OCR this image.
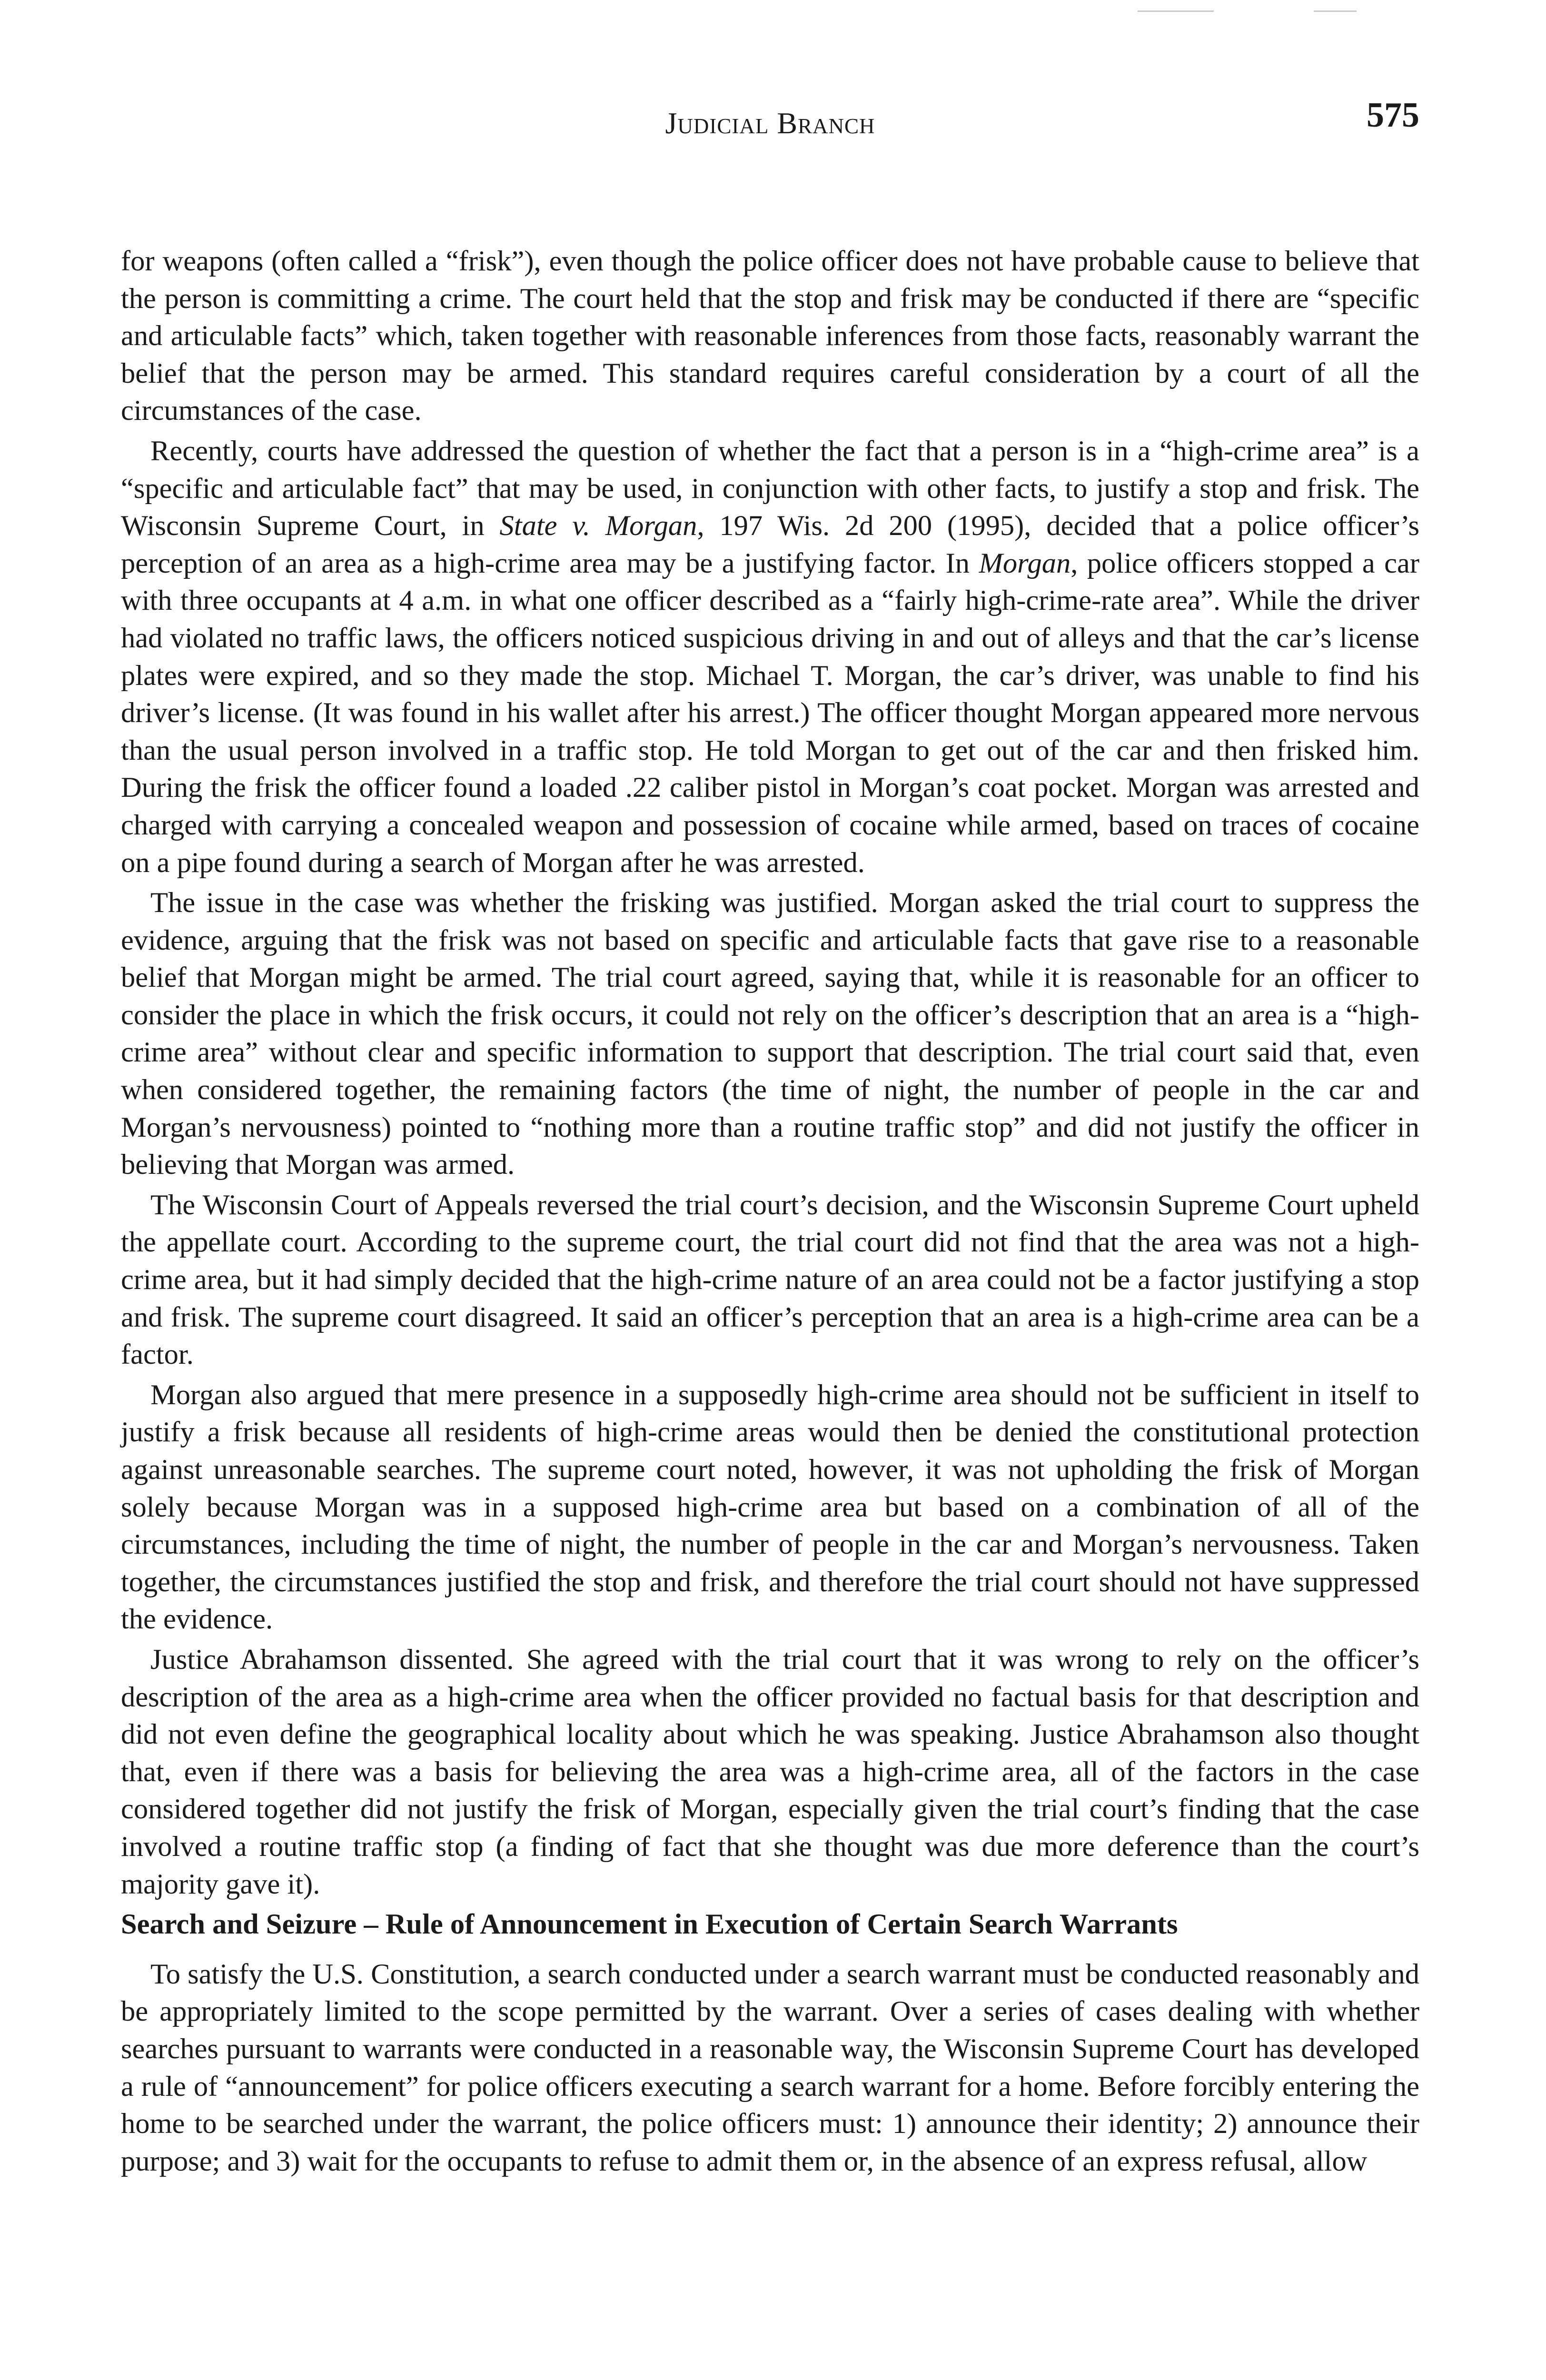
Judicial Branch	575

for weapons (often called a “frisk”), even though the police officer does not have probable cause to believe that the person is committing a crime. The court held that the stop and frisk may be conducted if there are “specific and articulable facts” which, taken together with reasonable inferences from those facts, reasonably warrant the belief that the person may be armed. This standard requires careful consideration by a court of all the circumstances of the case.

Recently, courts have addressed the question of whether the fact that a person is in a “high-crime area” is a “specific and articulable fact” that may be used, in conjunction with other facts, to justify a stop and frisk. The Wisconsin Supreme Court, in State v. Morgan, 197 Wis. 2d 200 (1995), decided that a police officer’s perception of an area as a high-crime area may be a justifying factor. In Morgan, police officers stopped a car with three occupants at 4 a.m. in what one officer described as a “fairly high-crime-rate area”. While the driver had violated no traffic laws, the officers noticed suspicious driving in and out of alleys and that the car’s license plates were expired, and so they made the stop. Michael T. Morgan, the car’s driver, was unable to find his driver’s license. (It was found in his wallet after his arrest.) The officer thought Morgan appeared more nervous than the usual person involved in a traffic stop. He told Morgan to get out of the car and then frisked him. During the frisk the officer found a loaded .22 caliber pistol in Morgan’s coat pocket. Morgan was arrested and charged with carrying a concealed weapon and possession of cocaine while armed, based on traces of cocaine on a pipe found during a search of Morgan after he was arrested.

The issue in the case was whether the frisking was justified. Morgan asked the trial court to suppress the evidence, arguing that the frisk was not based on specific and articulable facts that gave rise to a reasonable belief that Morgan might be armed. The trial court agreed, saying that, while it is reasonable for an officer to consider the place in which the frisk occurs, it could not rely on the officer’s description that an area is a “high-crime area” without clear and specific information to support that description. The trial court said that, even when considered together, the remaining factors (the time of night, the number of people in the car and Morgan’s nervousness) pointed to “nothing more than a routine traffic stop” and did not justify the officer in believing that Morgan was armed.

The Wisconsin Court of Appeals reversed the trial court’s decision, and the Wisconsin Supreme Court upheld the appellate court. According to the supreme court, the trial court did not find that the area was not a high-crime area, but it had simply decided that the high-crime nature of an area could not be a factor justifying a stop and frisk. The supreme court disagreed. It said an officer’s perception that an area is a high-crime area can be a factor.

Morgan also argued that mere presence in a supposedly high-crime area should not be sufficient in itself to justify a frisk because all residents of high-crime areas would then be denied the constitutional protection against unreasonable searches. The supreme court noted, however, it was not upholding the frisk of Morgan solely because Morgan was in a supposed high-crime area but based on a combination of all of the circumstances, including the time of night, the number of people in the car and Morgan’s nervousness. Taken together, the circumstances justified the stop and frisk, and therefore the trial court should not have suppressed the evidence.

Justice Abrahamson dissented. She agreed with the trial court that it was wrong to rely on the officer’s description of the area as a high-crime area when the officer provided no factual basis for that description and did not even define the geographical locality about which he was speaking. Justice Abrahamson also thought that, even if there was a basis for believing the area was a high-crime area, all of the factors in the case considered together did not justify the frisk of Morgan, especially given the trial court’s finding that the case involved a routine traffic stop (a finding of fact that she thought was due more deference than the court’s majority gave it).

Search and Seizure – Rule of Announcement in Execution of Certain Search Warrants

To satisfy the U.S. Constitution, a search conducted under a search warrant must be conducted reasonably and be appropriately limited to the scope permitted by the warrant. Over a series of cases dealing with whether searches pursuant to warrants were conducted in a reasonable way, the Wisconsin Supreme Court has developed a rule of “announcement” for police officers executing a search warrant for a home. Before forcibly entering the home to be searched under the warrant, the police officers must: 1) announce their identity; 2) announce their purpose; and 3) wait for the occupants to refuse to admit them or, in the absence of an express refusal, allow
